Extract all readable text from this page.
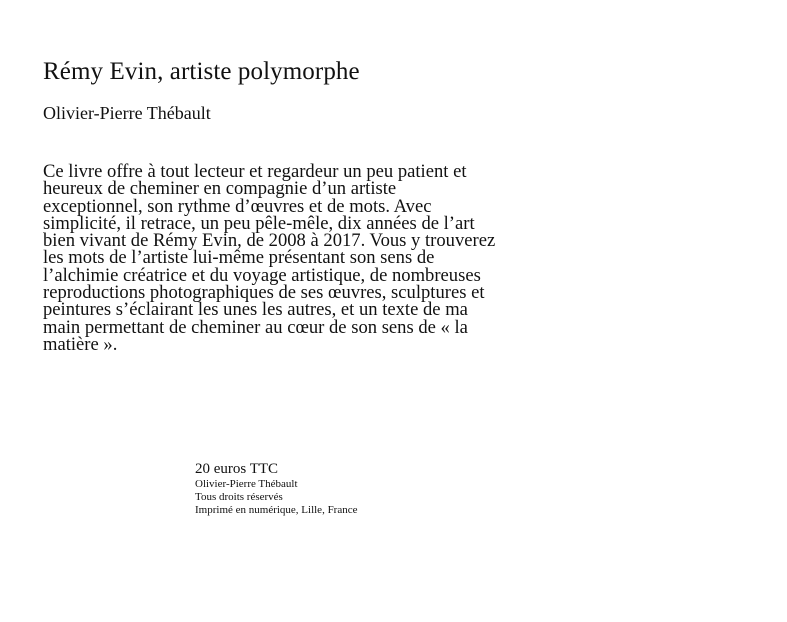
Rémy Evin, artiste polymorphe
Olivier-Pierre Thébault
Ce livre offre à tout lecteur et regardeur un peu patient et
heureux de cheminer en compagnie d’un artiste
exceptionnel, son rythme d’œuvres et de mots. Avec
simplicité, il retrace, un peu pêle-mêle, dix années de l’art
bien vivant de Rémy Evin, de 2008 à 2017. Vous y trouverez
les mots de l’artiste lui-même présentant son sens de
l’alchimie créatrice et du voyage artistique, de nombreuses
reproductions photographiques de ses œuvres, sculptures et
peintures s’éclairant les unes les autres, et un texte de ma
main permettant de cheminer au cœur de son sens de « la
matière ».
20 euros TTC
Olivier-Pierre Thébault
Tous droits réservés
Imprimé en numérique, Lille, France
